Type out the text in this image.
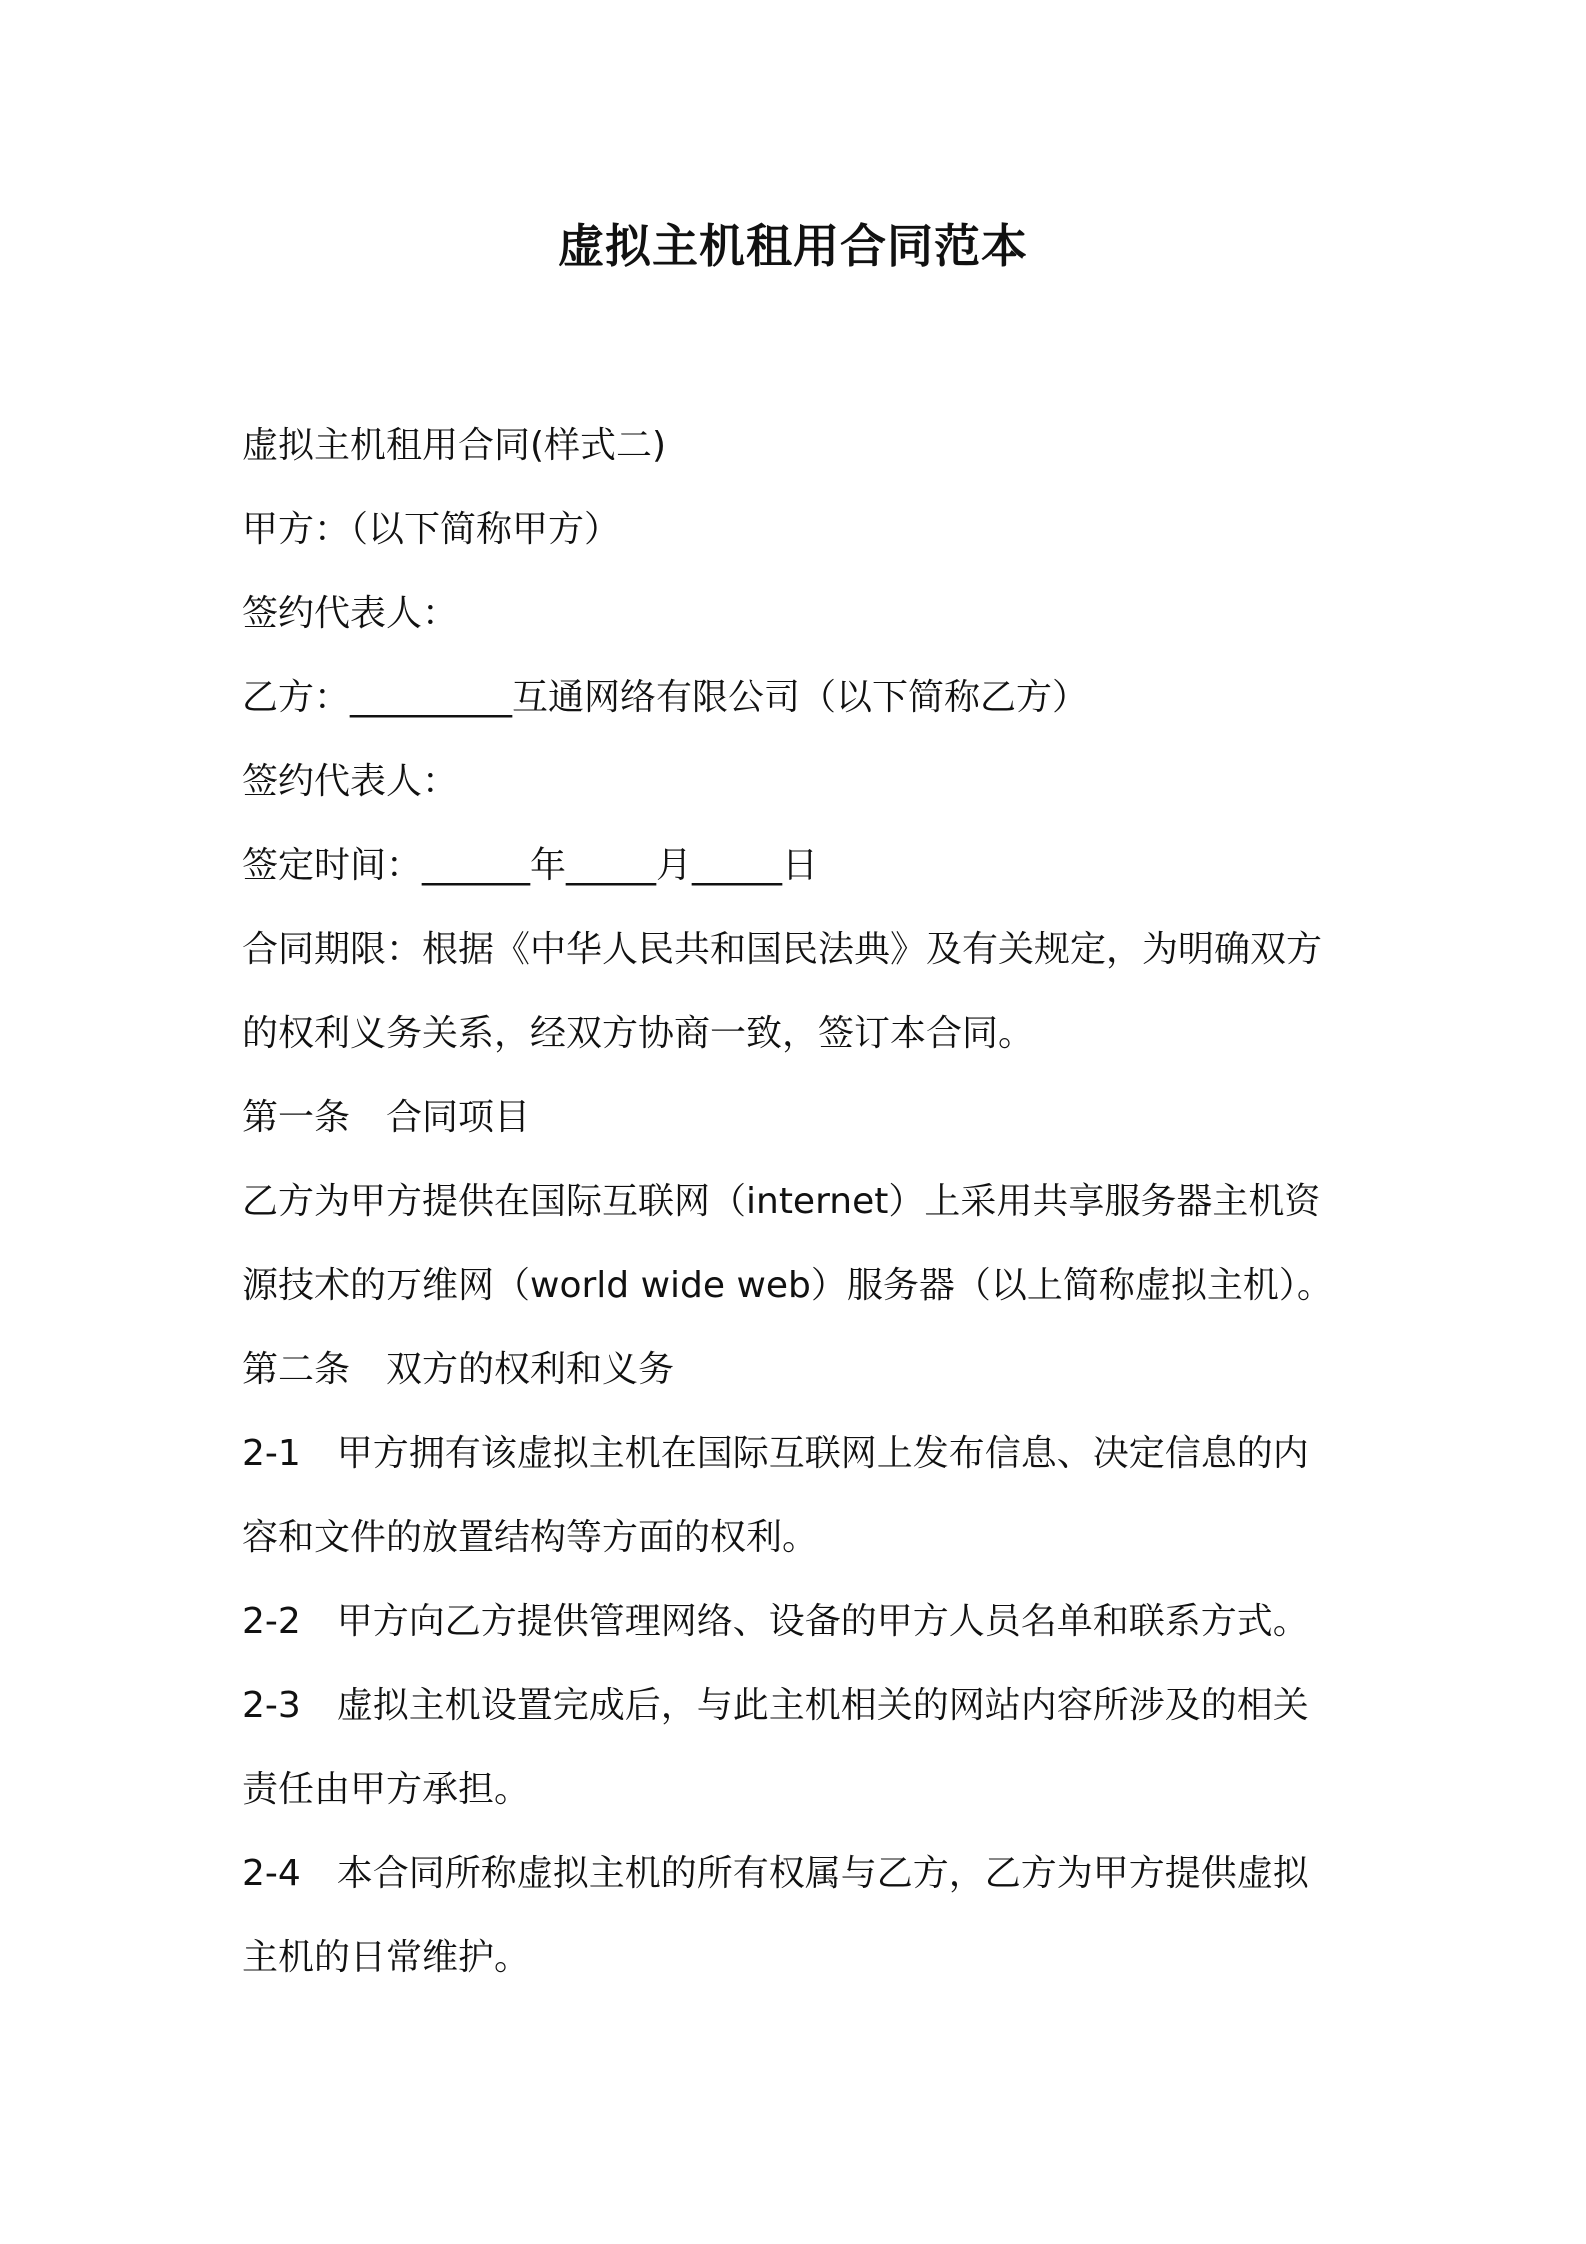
虚拟主机租用合同范本

虚拟主机租用合同(样式二)

甲方：（以下简称甲方）

签约代表人：

乙方：_________互通网络有限公司（以下简称乙方）

签约代表人：

签定时间：______年_____月_____日

合同期限：根据《中华人民共和国民法典》及有关规定，为明确双方

的权利义务关系，经双方协商一致，签订本合同。

第一条　合同项目

乙方为甲方提供在国际互联网（internet）上采用共享服务器主机资

源技术的万维网（world wide web）服务器（以上简称虚拟主机）。

第二条　双方的权利和义务

2-1　甲方拥有该虚拟主机在国际互联网上发布信息、决定信息的内

容和文件的放置结构等方面的权利。

2-2　甲方向乙方提供管理网络、设备的甲方人员名单和联系方式。

2-3　虚拟主机设置完成后，与此主机相关的网站内容所涉及的相关

责任由甲方承担。

2-4　本合同所称虚拟主机的所有权属与乙方，乙方为甲方提供虚拟

主机的日常维护。
